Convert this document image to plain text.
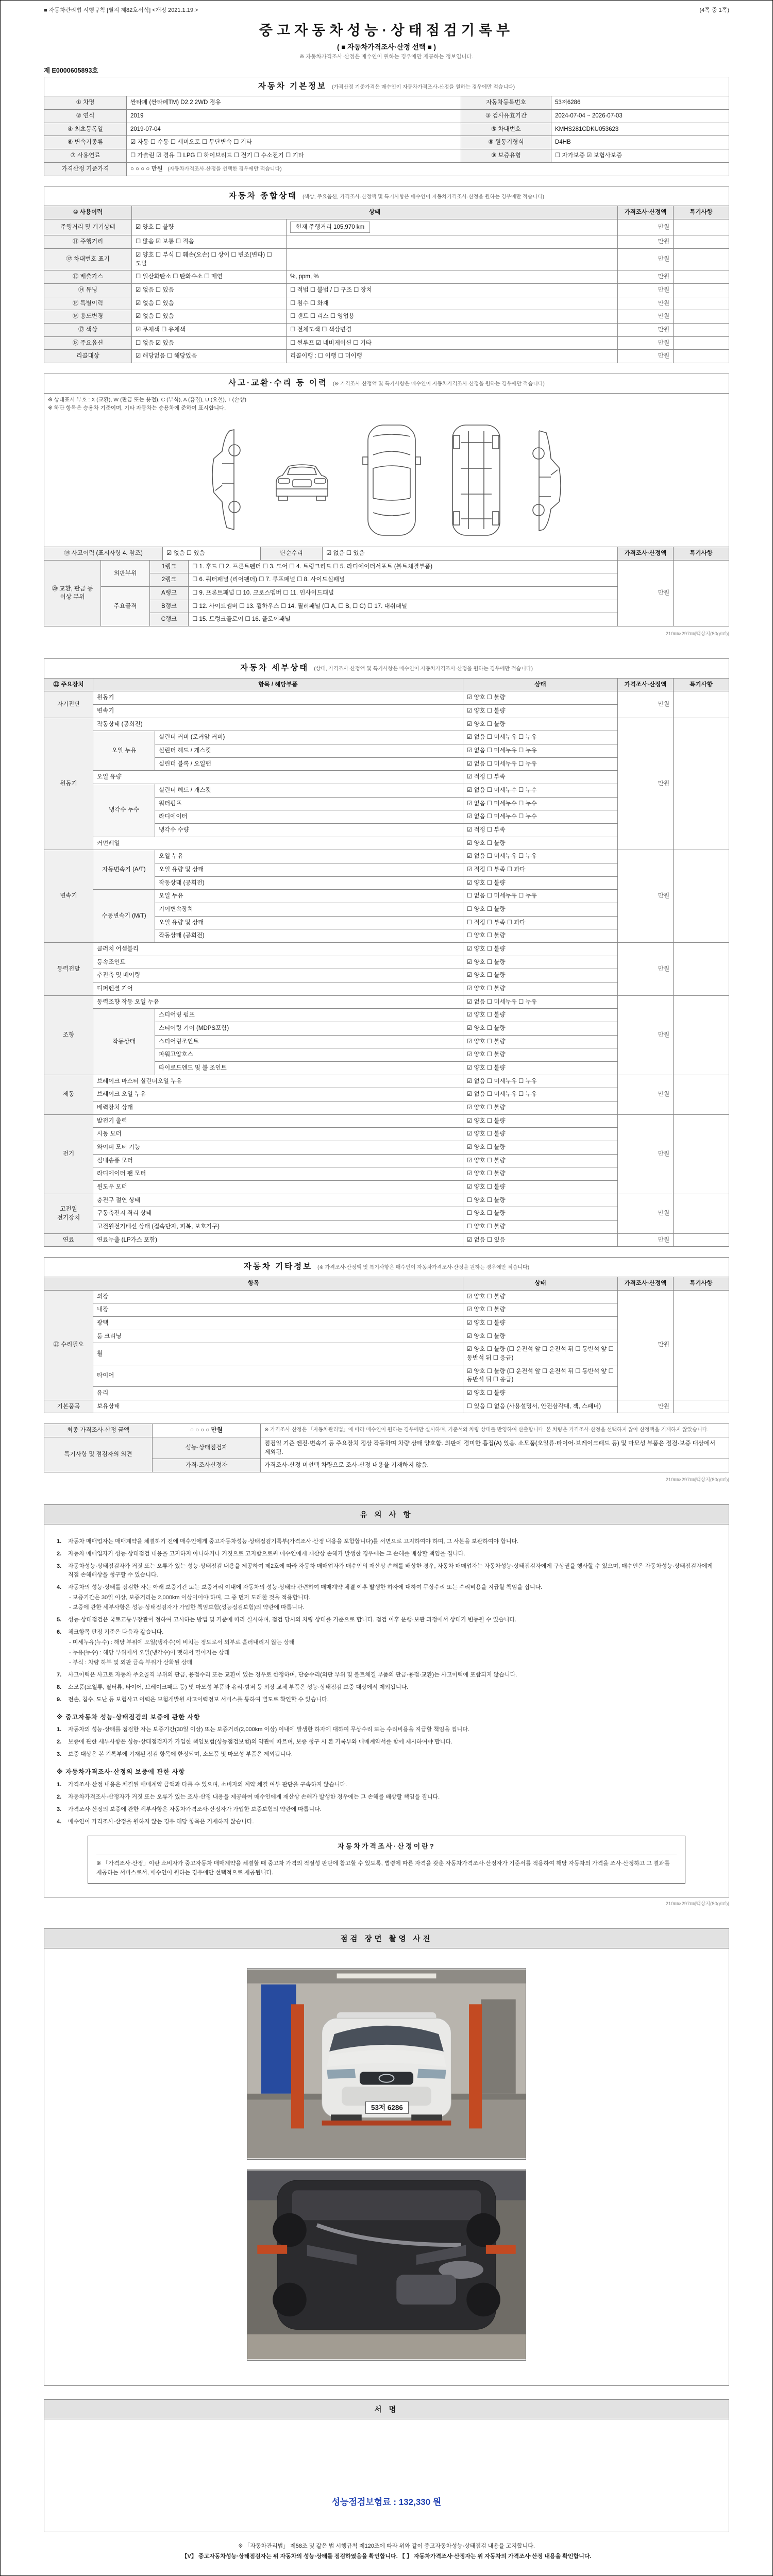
■ 자동차관리법 시행규칙 [별지 제82호서식] <개정 2021.1.19.>	(4쪽 중 1쪽)
중고자동차성능·상태점검기록부
( ■ 자동차가격조사·산정 선택 ■ )
※ 자동차가격조사·산정은 매수인이 원하는 경우에만 제공하는 정보입니다.
제 E0000605893호
자동차 기본정보 (가격산정 기준가격은 매수인이 자동차가격조사·산정을 원하는 경우에만 적습니다)			
① 차명	싼타페 (싼타페TM) D2.2 2WD 경유	자동차등록번호	53저6286
② 연식	2019	③ 검사유효기간	2024-07-04 ~ 2026-07-03
④ 최초등록일	2019-07-04	⑤ 차대번호	KMHS281CDKU053623
⑥ 변속기종류	☑ 자동 ☐ 수동 ☐ 세미오토 ☐ 무단변속 ☐ 기타	⑧ 원동기형식	D4HB
⑦ 사용연료	☐ 가솔린 ☑ 경유 ☐ LPG ☐ 하이브리드 ☐ 전기 ☐ 수소전기 ☐ 기타	⑨ 보증유형	☐ 자가보증 ☑ 보험사보증
가격산정 기준가격	○ ○ ○ ○ 만원 (자동차가격조사·산정을 선택한 경우에만 적습니다)		
자동차 종합상태 (색상, 주요옵션, 가격조사·산정액 및 특기사항은 매수인이 자동차가격조사·산정을 원하는 경우에만 적습니다)				
⑩ 사용이력	상태		가격조사·산정액	특기사항
주행거리 및 계기상태	☑ 양호 ☐ 불량	현재 주행거리 105,970 km	만원	
⑪ 주행거리	☐ 많음 ☑ 보통 ☐ 적음		만원	
⑫ 차대번호 표기	☑ 양호 ☐ 부식 ☐ 훼손(오손) ☐ 상이 ☐ 변조(변타) ☐ 도말		만원	
⑬ 배출가스	☐ 일산화탄소 ☐ 탄화수소 ☐ 매연	%, ppm, %	만원	
⑭ 튜닝	☑ 없음 ☐ 있음	☐ 적법 ☐ 불법 / ☐ 구조 ☐ 장치	만원	
⑮ 특별이력	☑ 없음 ☐ 있음	☐ 침수 ☐ 화재	만원	
⑯ 용도변경	☑ 없음 ☐ 있음	☐ 렌트 ☐ 리스 ☐ 영업용	만원	
⑰ 색상	☑ 무채색 ☐ 유채색	☐ 전체도색 ☐ 색상변경	만원	
⑱ 주요옵션	☐ 없음 ☑ 있음	☐ 썬루프 ☑ 네비게이션 ☐ 기타	만원	
리콜대상	☑ 해당없음 ☐ 해당있음	리콜이행 : ☐ 이행 ☐ 미이행	만원	
사고·교환·수리 등 이력 (※ 가격조사·산정액 및 특기사항은 매수인이 자동차가격조사·산정을 원하는 경우에만 적습니다)

※ 상태표시 부호 : X (교환), W (판금 또는 용접), C (부식), A (흠집), U (요철), T (손상)
※ 하단 항목은 승용차 기준이며, 기타 자동차는 승용차에 준하여 표시합니다.

⑲ 사고이력 (표시사항 4. 참조)	☑ 없음 ☐ 있음	단순수리	☑ 없음 ☐ 있음	가격조사·산정액	특기사항
⑳ 교환, 판금 등 이상 부위	외판부위	1랭크	☐ 1. 후드 ☐ 2. 프론트펜더 ☐ 3. 도어 ☐ 4. 트렁크리드 ☐ 5. 라디에이터서포트 (볼트체결부품)	만원	
		2랭크	☐ 6. 쿼터패널 (리어펜더) ☐ 7. 루프패널 ☐ 8. 사이드실패널		
	주요골격	A랭크	☐ 9. 프론트패널 ☐ 10. 크로스멤버 ☐ 11. 인사이드패널		
		B랭크	☐ 12. 사이드멤버 ☐ 13. 휠하우스 ☐ 14. 필러패널 (☐ A, ☐ B, ☐ C) ☐ 17. 대쉬패널		
		C랭크	☐ 15. 트렁크플로어 ☐ 16. 플로어패널		
210㎜×297㎜[백상지(80g/㎡)]
자동차 세부상태 (상태, 가격조사·산정액 및 특기사항은 매수인이 자동차가격조사·산정을 원하는 경우에만 적습니다)					
㉒ 주요장치	항목 / 해당부품		상태	가격조사·산정액	특기사항
자기진단	원동기		☑ 양호 ☐ 불량	만원	
	변속기		☑ 양호 ☐ 불량		
원동기	작동상태 (공회전)		☑ 양호 ☐ 불량	만원	
	오일 누유	실린더 커버 (로커암 커버)	☑ 없음 ☐ 미세누유 ☐ 누유		
		실린더 헤드 / 개스킷	☑ 없음 ☐ 미세누유 ☐ 누유		
		실린더 블록 / 오일팬	☑ 없음 ☐ 미세누유 ☐ 누유		
	오일 유량		☑ 적정 ☐ 부족		
	냉각수 누수	실린더 헤드 / 개스킷	☑ 없음 ☐ 미세누수 ☐ 누수		
		워터펌프	☑ 없음 ☐ 미세누수 ☐ 누수		
		라디에이터	☑ 없음 ☐ 미세누수 ☐ 누수		
		냉각수 수량	☑ 적정 ☐ 부족		
	커먼레일		☑ 양호 ☐ 불량		
변속기	자동변속기 (A/T)	오일 누유	☑ 없음 ☐ 미세누유 ☐ 누유	만원	
		오일 유량 및 상태	☑ 적정 ☐ 부족 ☐ 과다		
		작동상태 (공회전)	☑ 양호 ☐ 불량		
	수동변속기 (M/T)	오일 누유	☐ 없음 ☐ 미세누유 ☐ 누유		
		기어변속장치	☐ 양호 ☐ 불량		
		오일 유량 및 상태	☐ 적정 ☐ 부족 ☐ 과다		
		작동상태 (공회전)	☐ 양호 ☐ 불량		
동력전달	클러치 어셈블리		☑ 양호 ☐ 불량	만원	
	등속조인트		☑ 양호 ☐ 불량		
	추진축 및 베어링		☑ 양호 ☐ 불량		
	디퍼렌셜 기어		☑ 양호 ☐ 불량		
조향	동력조향 작동 오일 누유		☑ 없음 ☐ 미세누유 ☐ 누유	만원	
	작동상태	스티어링 펌프	☑ 양호 ☐ 불량		
		스티어링 기어 (MDPS포함)	☑ 양호 ☐ 불량		
		스티어링조인트	☑ 양호 ☐ 불량		
		파워고압호스	☑ 양호 ☐ 불량		
		타이로드엔드 및 볼 조인트	☑ 양호 ☐ 불량		
제동	브레이크 마스터 실린더오일 누유		☑ 없음 ☐ 미세누유 ☐ 누유	만원	
	브레이크 오일 누유		☑ 없음 ☐ 미세누유 ☐ 누유		
	배력장치 상태		☑ 양호 ☐ 불량		
전기	발전기 출력		☑ 양호 ☐ 불량	만원	
	시동 모터		☑ 양호 ☐ 불량		
	와이퍼 모터 기능		☑ 양호 ☐ 불량		
	실내송풍 모터		☑ 양호 ☐ 불량		
	라디에이터 팬 모터		☑ 양호 ☐ 불량		
	윈도우 모터		☑ 양호 ☐ 불량		
고전원 전기장치	충전구 절연 상태		☐ 양호 ☐ 불량	만원	
	구동축전지 격리 상태		☐ 양호 ☐ 불량		
	고전원전기배선 상태 (접속단자, 피복, 보호기구)		☐ 양호 ☐ 불량		
연료	연료누출 (LP가스 포함)		☑ 없음 ☐ 있음	만원	
자동차 기타정보 (※ 가격조사·산정액 및 특기사항은 매수인이 자동차가격조사·산정을 원하는 경우에만 적습니다)				
항목		상태	가격조사·산정액	특기사항
㉓ 수리필요	외장	☑ 양호 ☐ 불량	만원	
	내장	☑ 양호 ☐ 불량		
	광택	☑ 양호 ☐ 불량		
	룸 크리닝	☑ 양호 ☐ 불량		
	휠	☑ 양호 ☐ 불량 (☐ 운전석 앞 ☐ 운전석 뒤 ☐ 동반석 앞 ☐ 동반석 뒤 ☐ 응급)		
	타이어	☑ 양호 ☐ 불량 (☐ 운전석 앞 ☐ 운전석 뒤 ☐ 동반석 앞 ☐ 동반석 뒤 ☐ 응급)		
	유리	☑ 양호 ☐ 불량		
기본품목	보유상태	☐ 있음 ☐ 없음 (사용설명서, 안전삼각대, 잭, 스패너)	만원	
최종 가격조사·산정 금액	○ ○ ○ ○ 만원	※ 가격조사·산정은 「자동차관리법」에 따라 매수인이 원하는 경우에만 실시하며, 기준서와 차량 상태를 반영하여 산출합니다. 본 차량은 가격조사·산정을 선택하지 않아 산정액을 기재하지 않았습니다.
특기사항 및 점검자의 의견	성능·상태점검자	점검일 기준 엔진·변속기 등 주요장치 정상 작동하며 차량 상태 양호함. 외판에 경미한 흠집(A) 있음. 소모품(오일류·타이어·브레이크패드 등) 및 마모성 부품은 점검·보증 대상에서 제외됨.
	가격·조사산정자	가격조사·산정 미선택 차량으로 조사·산정 내용을 기재하지 않음.
210㎜×297㎜[백상지(80g/㎡)]
유 의 사 항
1.	자동차 매매업자는 매매계약을 체결하기 전에 매수인에게 중고자동차성능·상태점검기록부(가격조사·산정 내용을 포함합니다)를 서면으로 고지하여야 하며, 그 사본을 보관하여야 합니다.
2.	자동차 매매업자가 성능·상태점검 내용을 고지하지 아니하거나 거짓으로 고지함으로써 매수인에게 재산상 손해가 발생한 경우에는 그 손해를 배상할 책임을 집니다.
3.	자동차성능·상태점검자가 거짓 또는 오류가 있는 성능·상태점검 내용을 제공하여 제2호에 따라 자동차 매매업자가 매수인의 재산상 손해를 배상한 경우, 자동차 매매업자는 자동차성능·상태점검자에게 구상권을 행사할 수 있으며, 매수인은 자동차성능·상태점검자에게 직접 손해배상을 청구할 수 있습니다.
4.	자동차의 성능·상태를 점검한 자는 아래 보증기간 또는 보증거리 이내에 자동차의 성능·상태와 관련하여 매매계약 체결 이후 발생한 하자에 대하여 무상수리 또는 수리비용을 지급할 책임을 집니다.
- 보증기간은 30일 이상, 보증거리는 2,000km 이상이어야 하며, 그 중 먼저 도래한 것을 적용합니다.
- 보증에 관한 세부사항은 성능·상태점검자가 가입한 책임보험(성능점검보험)의 약관에 따릅니다.
5.	성능·상태점검은 국토교통부장관이 정하여 고시하는 방법 및 기준에 따라 실시하며, 점검 당시의 차량 상태를 기준으로 합니다. 점검 이후 운행·보관 과정에서 상태가 변동될 수 있습니다.
6.	체크항목 판정 기준은 다음과 같습니다.
- 미세누유(누수) : 해당 부위에 오일(냉각수)이 비치는 정도로서 외부로 흘러내리지 않는 상태
- 누유(누수) : 해당 부위에서 오일(냉각수)이 맺혀서 떨어지는 상태
- 부식 : 차량 하부 및 외판 금속 부위가 산화된 상태
7.	사고이력은 사고로 자동차 주요골격 부위의 판금, 용접수리 또는 교환이 있는 경우로 한정하며, 단순수리(외판 부위 및 볼트체결 부품의 판금·용접·교환)는 사고이력에 포함되지 않습니다.
8.	소모품(오일류, 필터류, 타이어, 브레이크패드 등) 및 마모성 부품과 유리·범퍼 등 외장 교체 부품은 성능·상태점검 보증 대상에서 제외됩니다.
9.	전손, 침수, 도난 등 보험사고 이력은 보험개발원 사고이력정보 서비스를 통하여 별도로 확인할 수 있습니다.
※ 중고자동차 성능·상태점검의 보증에 관한 사항
1.	자동차의 성능·상태를 점검한 자는 보증기간(30일 이상) 또는 보증거리(2,000km 이상) 이내에 발생한 하자에 대하여 무상수리 또는 수리비용을 지급할 책임을 집니다.
2.	보증에 관한 세부사항은 성능·상태점검자가 가입한 책임보험(성능점검보험)의 약관에 따르며, 보증 청구 시 본 기록부와 매매계약서를 함께 제시하여야 합니다.
3.	보증 대상은 본 기록부에 기재된 점검 항목에 한정되며, 소모품 및 마모성 부품은 제외됩니다.
※ 자동차가격조사·산정의 보증에 관한 사항
1.	가격조사·산정 내용은 체결된 매매계약 금액과 다를 수 있으며, 소비자의 계약 체결 여부 판단을 구속하지 않습니다.
2.	자동차가격조사·산정자가 거짓 또는 오류가 있는 조사·산정 내용을 제공하여 매수인에게 재산상 손해가 발생한 경우에는 그 손해를 배상할 책임을 집니다.
3.	가격조사·산정의 보증에 관한 세부사항은 자동차가격조사·산정자가 가입한 보증보험의 약관에 따릅니다.
4.	매수인이 가격조사·산정을 원하지 않는 경우 해당 항목은 기재하지 않습니다.
자동차가격조사·산정이란?
※ 「가격조사·산정」이란 소비자가 중고자동차 매매계약을 체결할 때 중고차 가격의 적절성 판단에 참고할 수 있도록, 법령에 따른 자격을 갖춘 자동차가격조사·산정자가 기준서를 적용하여 해당 자동차의 가격을 조사·산정하고 그 결과를 제공하는 서비스로서, 매수인이 원하는 경우에만 선택적으로 제공됩니다.
210㎜×297㎜[백상지(80g/㎡)]
점검 장면 촬영 사진
53저 6286
서 명
성능점검보험료 : 132,330 원
※ 「자동차관리법」 제58조 및 같은 법 시행규칙 제120조에 따라 위와 같이 중고자동차성능·상태점검 내용을 고지합니다.
【V】 중고자동차성능·상태점검자는 위 자동차의 성능·상태를 점검하였음을 확인합니다. 【 】 자동차가격조사·산정자는 위 자동차의 가격조사·산정 내용을 확인합니다.
